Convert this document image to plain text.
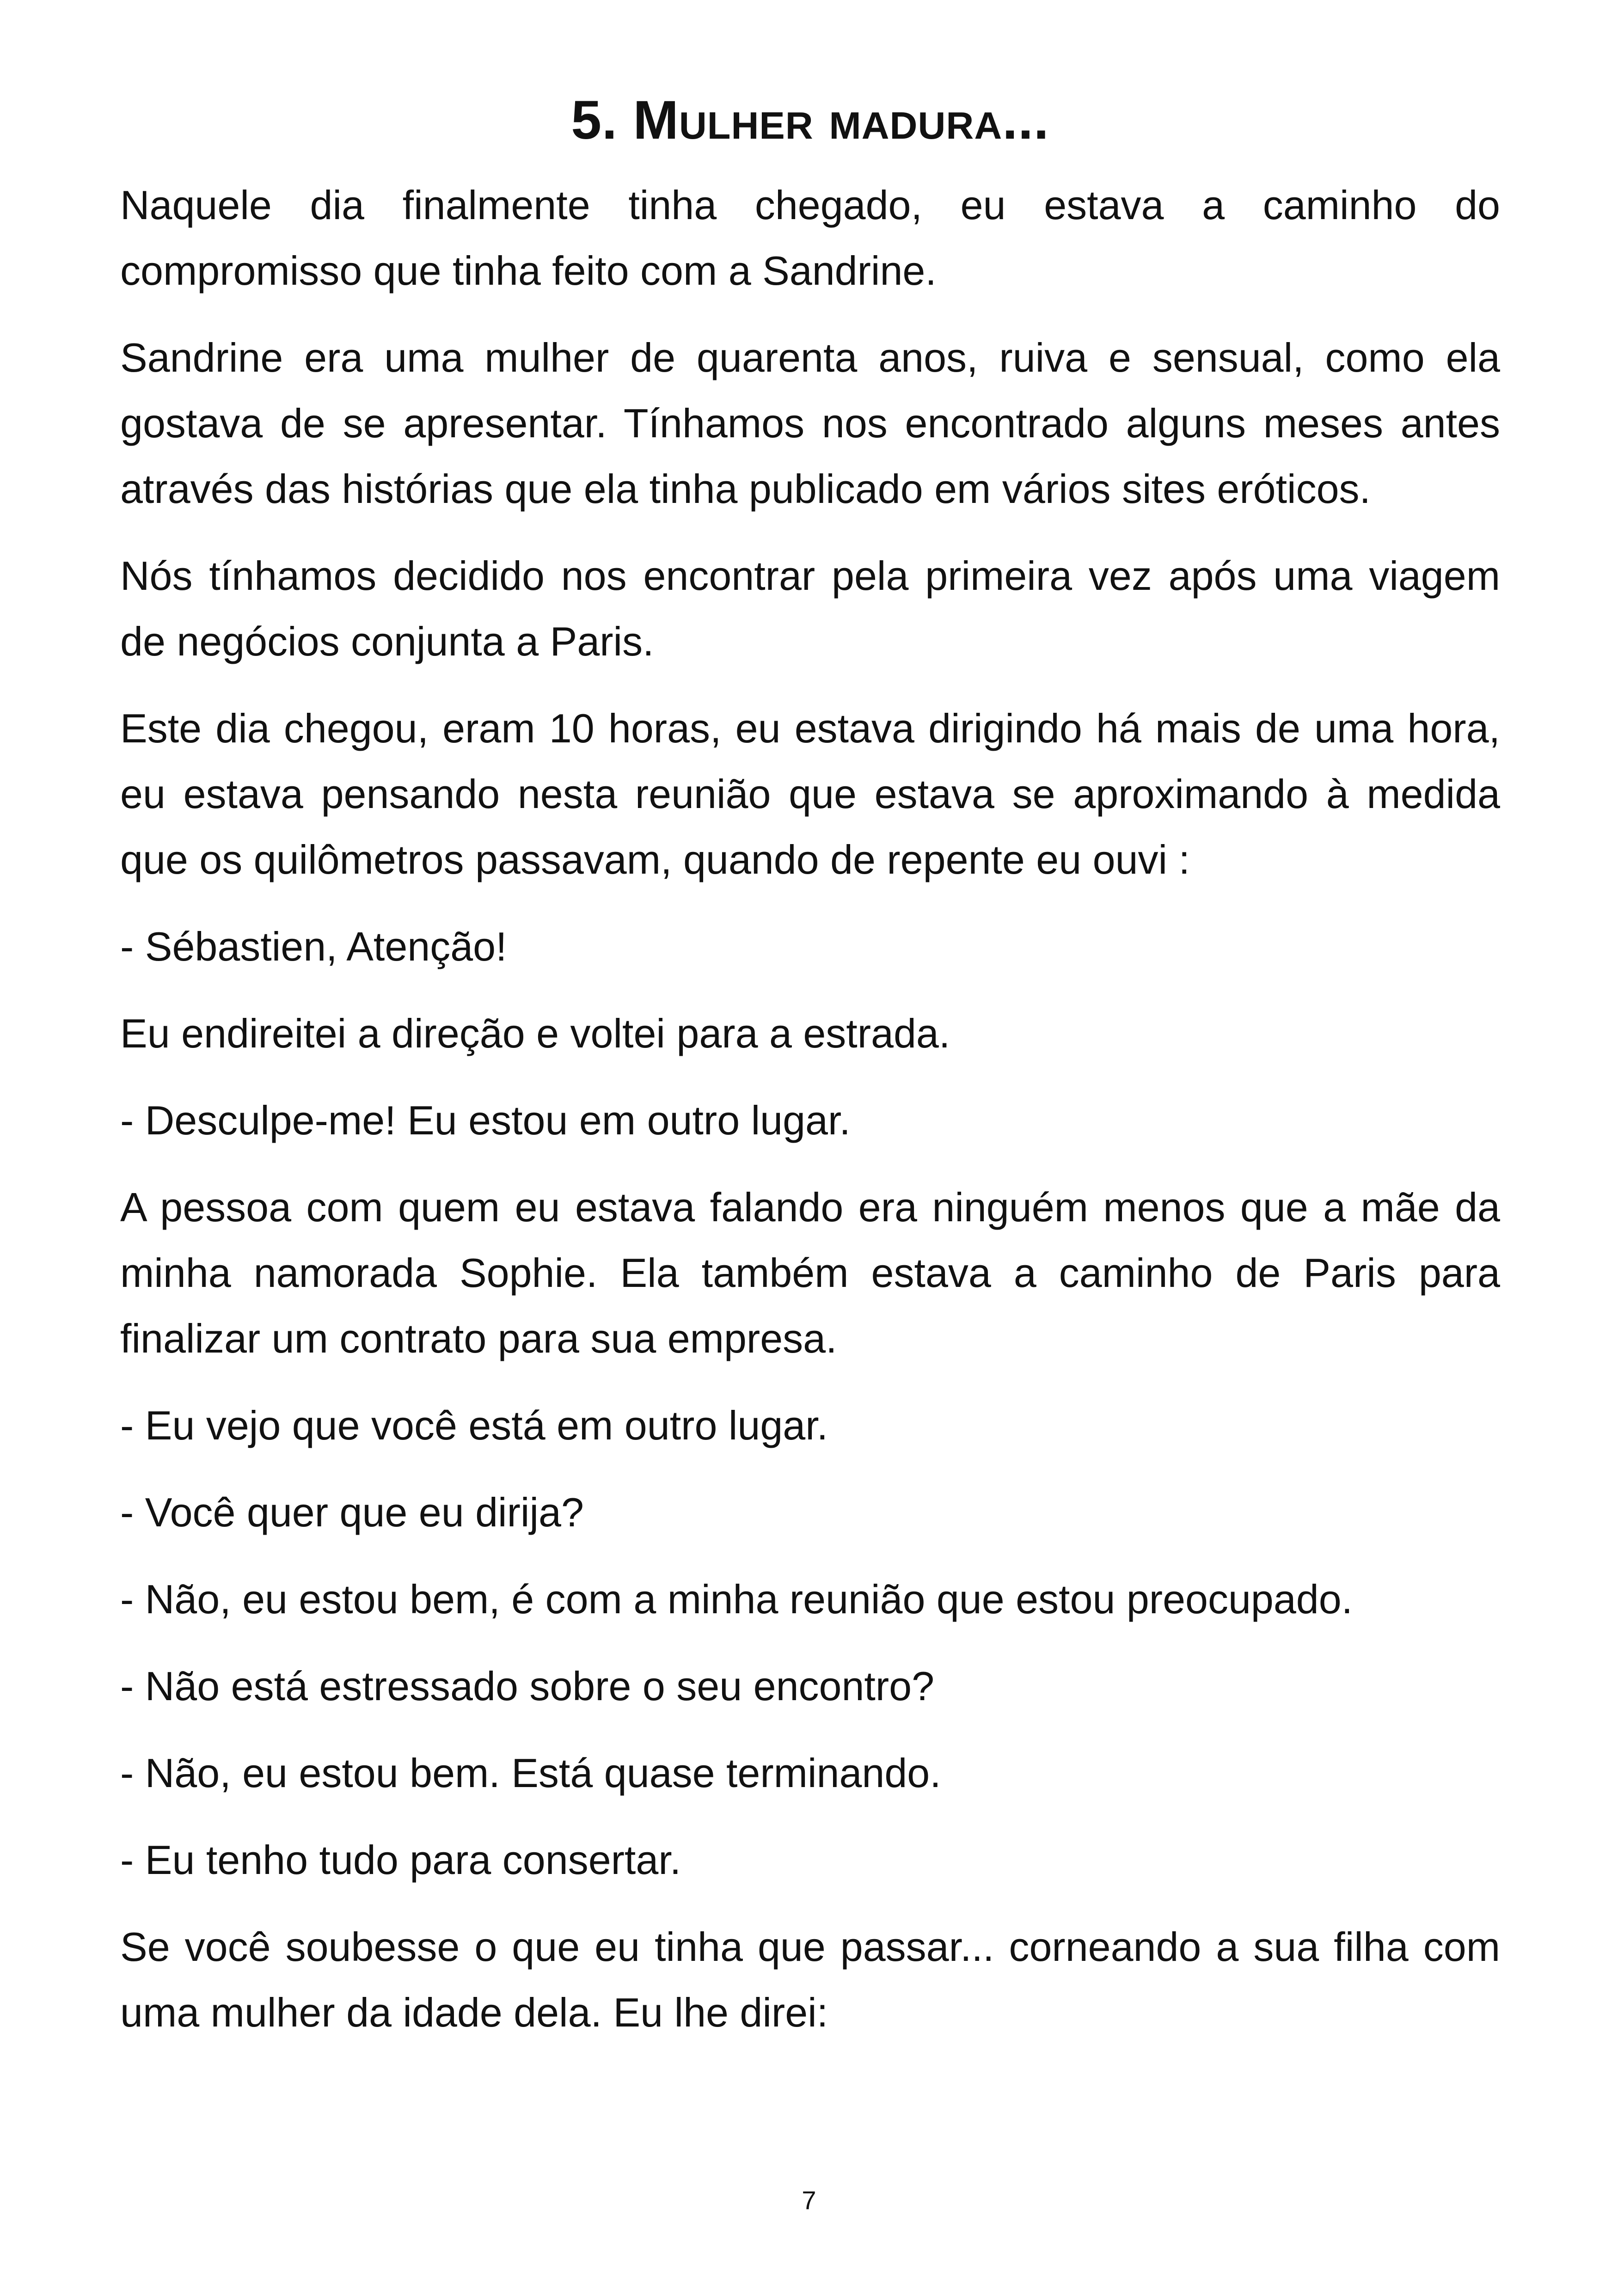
5. Mulher madura...

Naquele dia finalmente tinha chegado, eu estava a caminho do compromisso que tinha feito com a Sandrine.

Sandrine era uma mulher de quarenta anos, ruiva e sensual, como ela gostava de se apresentar. Tínhamos nos encontrado alguns meses antes através das histórias que ela tinha publicado em vários sites eróticos.

Nós tínhamos decidido nos encontrar pela primeira vez após uma viagem de negócios conjunta a Paris.

Este dia chegou, eram 10 horas, eu estava dirigindo há mais de uma hora, eu estava pensando nesta reunião que estava se aproximando à medida que os quilômetros passavam, quando de repente eu ouvi :

- Sébastien, Atenção!

Eu endireitei a direção e voltei para a estrada.

- Desculpe-me! Eu estou em outro lugar.

A pessoa com quem eu estava falando era ninguém menos que a mãe da minha namorada Sophie. Ela também estava a caminho de Paris para finalizar um contrato para sua empresa.

- Eu vejo que você está em outro lugar.

- Você quer que eu dirija?

- Não, eu estou bem, é com a minha reunião que estou preocupado.

- Não está estressado sobre o seu encontro?

- Não, eu estou bem. Está quase terminando.

- Eu tenho tudo para consertar.

Se você soubesse o que eu tinha que passar... corneando a sua filha com uma mulher da idade dela. Eu lhe direi:

7
